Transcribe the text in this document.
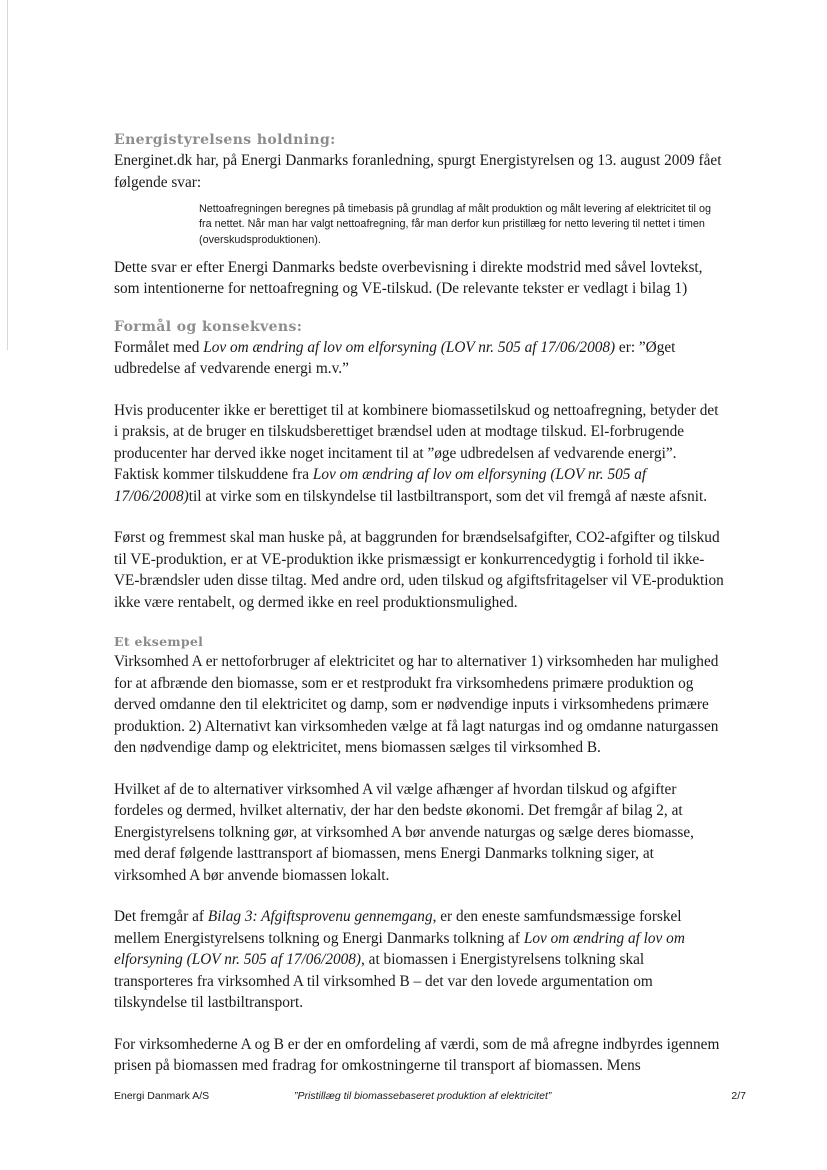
Energistyrelsens holdning:

Energinet.dk har, på Energi Danmarks foranledning, spurgt Energistyrelsen og 13. august 2009 fået følgende svar:

Nettoafregningen beregnes på timebasis på grundlag af målt produktion og målt levering af elektricitet til og fra nettet. Når man har valgt nettoafregning, får man derfor kun pristillæg for netto levering til nettet i timen (overskudsproduktionen).

Dette svar er efter Energi Danmarks bedste overbevisning i direkte modstrid med såvel lovtekst, som intentionerne for nettoafregning og VE-tilskud. (De relevante tekster er vedlagt i bilag 1)

Formål og konsekvens:

Formålet med Lov om ændring af lov om elforsyning (LOV nr. 505 af 17/06/2008) er: ”Øget udbredelse af vedvarende energi m.v.”

Hvis producenter ikke er berettiget til at kombinere biomassetilskud og nettoafregning, betyder det i praksis, at de bruger en tilskudsberettiget brændsel uden at modtage tilskud. El-forbrugende producenter har derved ikke noget incitament til at ”øge udbredelsen af vedvarende energi”. Faktisk kommer tilskuddene fra Lov om ændring af lov om elforsyning (LOV nr. 505 af 17/06/2008)til at virke som en tilskyndelse til lastbiltransport, som det vil fremgå af næste afsnit.

Først og fremmest skal man huske på, at baggrunden for brændselsafgifter, CO2-afgifter og tilskud til VE-produktion, er at VE-produktion ikke prismæssigt er konkurrencedygtig i forhold til ikke-VE-brændsler uden disse tiltag. Med andre ord, uden tilskud og afgiftsfritagelser vil VE-produktion ikke være rentabelt, og dermed ikke en reel produktionsmulighed.

Et eksempel

Virksomhed A er nettoforbruger af elektricitet og har to alternativer 1) virksomheden har mulighed for at afbrænde den biomasse, som er et restprodukt fra virksomhedens primære produktion og derved omdanne den til elektricitet og damp, som er nødvendige inputs i virksomhedens primære produktion. 2) Alternativt kan virksomheden vælge at få lagt naturgas ind og omdanne naturgassen den nødvendige damp og elektricitet, mens biomassen sælges til virksomhed B.

Hvilket af de to alternativer virksomhed A vil vælge afhænger af hvordan tilskud og afgifter fordeles og dermed, hvilket alternativ, der har den bedste økonomi. Det fremgår af bilag 2, at Energistyrelsens tolkning gør, at virksomhed A bør anvende naturgas og sælge deres biomasse, med deraf følgende lasttransport af biomassen, mens Energi Danmarks tolkning siger, at virksomhed A bør anvende biomassen lokalt.

Det fremgår af Bilag 3: Afgiftsprovenu gennemgang, er den eneste samfundsmæssige forskel mellem Energistyrelsens tolkning og Energi Danmarks tolkning af Lov om ændring af lov om elforsyning (LOV nr. 505 af 17/06/2008), at biomassen i Energistyrelsens tolkning skal transporteres fra virksomhed A til virksomhed B – det var den lovede argumentation om tilskyndelse til lastbiltransport.

For virksomhederne A og B er der en omfordeling af værdi, som de må afregne indbyrdes igennem prisen på biomassen med fradrag for omkostningerne til transport af biomassen. Mens

Energi Danmark A/S	”Pristillæg til biomassebaseret produktion af elektricitet”	2/7
